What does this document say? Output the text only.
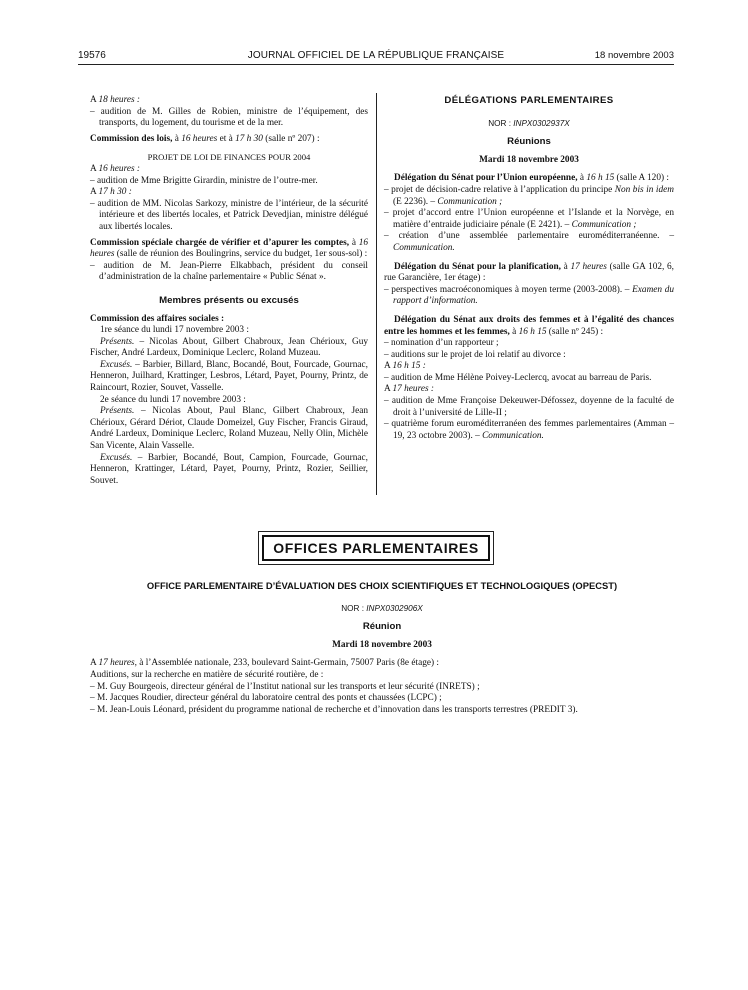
19576	JOURNAL OFFICIEL DE LA RÉPUBLIQUE FRANÇAISE	18 novembre 2003

A 18 heures :

– audition de M. Gilles de Robien, ministre de l’équipement, des transports, du logement, du tourisme et de la mer.

Commission des lois, à 16 heures et à 17 h 30 (salle nº 207) :

PROJET DE LOI DE FINANCES POUR 2004

A 16 heures :

– audition de Mme Brigitte Girardin, ministre de l’outre-mer.

A 17 h 30 :

– audition de MM. Nicolas Sarkozy, ministre de l’intérieur, de la sécurité intérieure et des libertés locales, et Patrick Devedjian, ministre délégué aux libertés locales.

Commission spéciale chargée de vérifier et d’apurer les comptes, à 16 heures (salle de réunion des Boulingrins, service du budget, 1er sous-sol) :

– audition de M. Jean-Pierre Elkabbach, président du conseil d’administration de la chaîne parlementaire « Public Sénat ».

Membres présents ou excusés

Commission des affaires sociales :

1re séance du lundi 17 novembre 2003 :

Présents. – Nicolas About, Gilbert Chabroux, Jean Chérioux, Guy Fischer, André Lardeux, Dominique Leclerc, Roland Muzeau.

Excusés. – Barbier, Billard, Blanc, Bocandé, Bout, Fourcade, Gournac, Henneron, Juilhard, Krattinger, Lesbros, Létard, Payet, Pourny, Printz, de Raincourt, Rozier, Souvet, Vasselle.

2e séance du lundi 17 novembre 2003 :

Présents. – Nicolas About, Paul Blanc, Gilbert Chabroux, Jean Chérioux, Gérard Dériot, Claude Domeizel, Guy Fischer, Francis Giraud, André Lardeux, Dominique Leclerc, Roland Muzeau, Nelly Olin, Michèle San Vicente, Alain Vasselle.

Excusés. – Barbier, Bocandé, Bout, Campion, Fourcade, Gournac, Henneron, Krattinger, Létard, Payet, Pourny, Printz, Rozier, Seillier, Souvet.

DÉLÉGATIONS PARLEMENTAIRES

NOR : INPX0302937X

Réunions

Mardi 18 novembre 2003

Délégation du Sénat pour l’Union européenne, à 16 h 15 (salle A 120) :

– projet de décision-cadre relative à l’application du principe Non bis in idem (E 2236). – Communication ;

– projet d’accord entre l’Union européenne et l’Islande et la Norvège, en matière d’entraide judiciaire pénale (E 2421). – Communication ;

– création d’une assemblée parlementaire euroméditerranéenne. – Communication.

Délégation du Sénat pour la planification, à 17 heures (salle GA 102, 6, rue Garancière, 1er étage) :

– perspectives macroéconomiques à moyen terme (2003-2008). – Examen du rapport d’information.

Délégation du Sénat aux droits des femmes et à l’égalité des chances entre les hommes et les femmes, à 16 h 15 (salle nº 245) :

– nomination d’un rapporteur ;

– auditions sur le projet de loi relatif au divorce :

A 16 h 15 :

– audition de Mme Hélène Poivey-Leclercq, avocat au barreau de Paris.

A 17 heures :

– audition de Mme Françoise Dekeuwer-Défossez, doyenne de la faculté de droit à l’université de Lille-II ;

– quatrième forum euroméditerranéen des femmes parlementaires (Amman – 19, 23 octobre 2003). – Communication.

OFFICES PARLEMENTAIRES

OFFICE PARLEMENTAIRE D’ÉVALUATION DES CHOIX SCIENTIFIQUES ET TECHNOLOGIQUES (OPECST)

NOR : INPX0302906X

Réunion

Mardi 18 novembre 2003

A 17 heures, à l’Assemblée nationale, 233, boulevard Saint-Germain, 75007 Paris (8e étage) :

Auditions, sur la recherche en matière de sécurité routière, de :

– M. Guy Bourgeois, directeur général de l’Institut national sur les transports et leur sécurité (INRETS) ;

– M. Jacques Roudier, directeur général du laboratoire central des ponts et chaussées (LCPC) ;

– M. Jean-Louis Léonard, président du programme national de recherche et d’innovation dans les transports terrestres (PREDIT 3).
